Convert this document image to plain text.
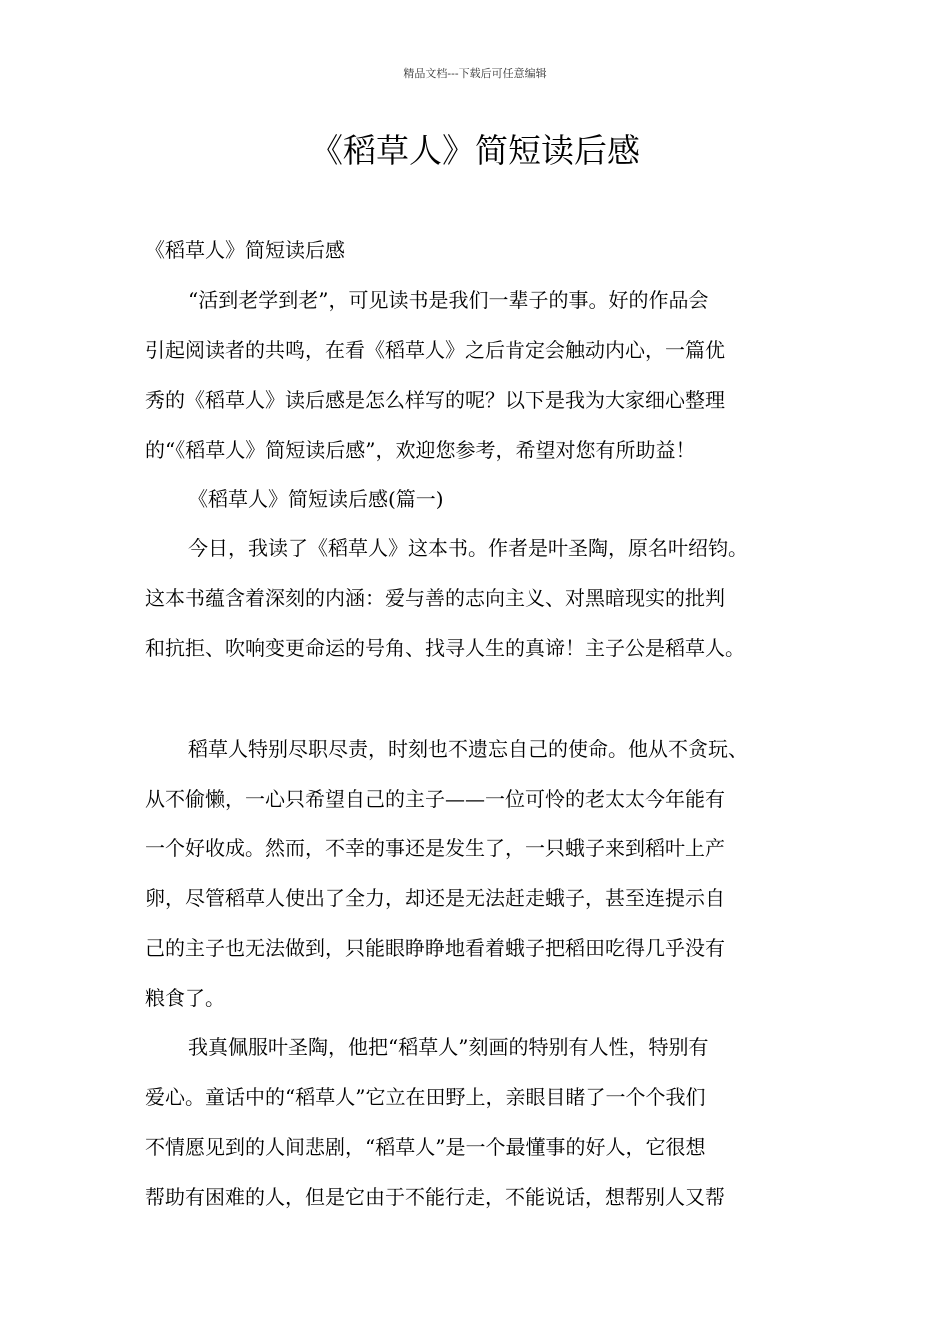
精品文档---下载后可任意编辑
《稻草人》简短读后感
《稻草人》简短读后感
“活到老学到老”，可见读书是我们一辈子的事。好的作品会
引起阅读者的共鸣，在看《稻草人》之后肯定会触动内心，一篇优
秀的《稻草人》读后感是怎么样写的呢？以下是我为大家细心整理
的“《稻草人》简短读后感”，欢迎您参考，希望对您有所助益！
《稻草人》简短读后感(篇一)
今日，我读了《稻草人》这本书。作者是叶圣陶，原名叶绍钧。
这本书蕴含着深刻的内涵：爱与善的志向主义、对黑暗现实的批判
和抗拒、吹响变更命运的号角、找寻人生的真谛！主子公是稻草人。
稻草人特别尽职尽责，时刻也不遗忘自己的使命。他从不贪玩、
从不偷懒，一心只希望自己的主子——一位可怜的老太太今年能有
一个好收成。然而，不幸的事还是发生了，一只蛾子来到稻叶上产
卵，尽管稻草人使出了全力，却还是无法赶走蛾子，甚至连提示自
己的主子也无法做到，只能眼睁睁地看着蛾子把稻田吃得几乎没有
粮食了。
我真佩服叶圣陶，他把“稻草人”刻画的特别有人性，特别有
爱心。童话中的“稻草人”它立在田野上，亲眼目睹了一个个我们
不情愿见到的人间悲剧，“稻草人”是一个最懂事的好人，它很想
帮助有困难的人，但是它由于不能行走，不能说话，想帮别人又帮
